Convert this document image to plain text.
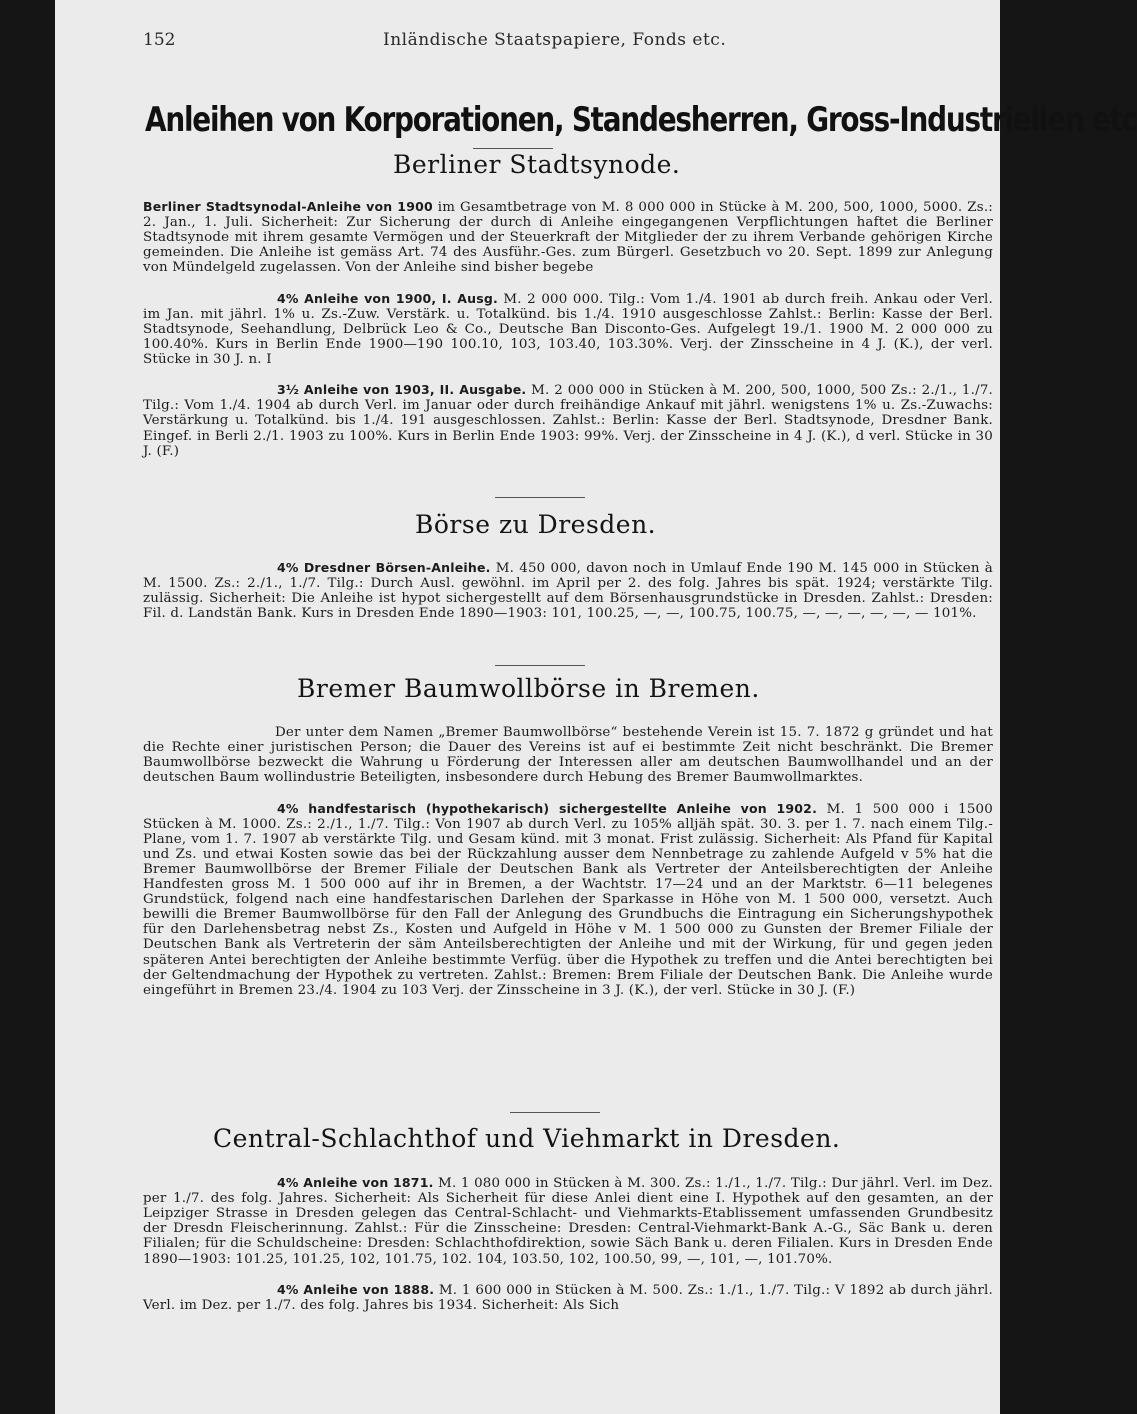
152	Inländische Staatspapiere, Fonds etc.
Anleihen von Korporationen, Standesherren, Gross-Industriellen etc
Berliner Stadtsynode.

Berliner Stadtsynodal-Anleihe von 1900 im Gesamtbetrage von M. 8 000 000 in Stücke à M. 200, 500, 1000, 5000. Zs.: 2. Jan., 1. Juli. Sicherheit: Zur Sicherung der durch di Anleihe eingegangenen Verpflichtungen haftet die Berliner Stadtsynode mit ihrem gesamte Vermögen und der Steuerkraft der Mitglieder der zu ihrem Verbande gehörigen Kirche gemeinden. Die Anleihe ist gemäss Art. 74 des Ausführ.-Ges. zum Bürgerl. Gesetzbuch vo 20. Sept. 1899 zur Anlegung von Mündelgeld zugelassen. Von der Anleihe sind bisher begebe

4% Anleihe von 1900, I. Ausg. M. 2 000 000. Tilg.: Vom 1./4. 1901 ab durch freih. Ankau oder Verl. im Jan. mit jährl. 1% u. Zs.-Zuw. Verstärk. u. Totalkünd. bis 1./4. 1910 ausgeschlosse Zahlst.: Berlin: Kasse der Berl. Stadtsynode, Seehandlung, Delbrück Leo & Co., Deutsche Ban Disconto-Ges. Aufgelegt 19./1. 1900 M. 2 000 000 zu 100.40%. Kurs in Berlin Ende 1900—190 100.10, 103, 103.40, 103.30%. Verj. der Zinsscheine in 4 J. (K.), der verl. Stücke in 30 J. n. I

3½ Anleihe von 1903, II. Ausgabe. M. 2 000 000 in Stücken à M. 200, 500, 1000, 500 Zs.: 2./1., 1./7. Tilg.: Vom 1./4. 1904 ab durch Verl. im Januar oder durch freihändige Ankauf mit jährl. wenigstens 1% u. Zs.-Zuwachs: Verstärkung u. Totalkünd. bis 1./4. 191 ausgeschlossen. Zahlst.: Berlin: Kasse der Berl. Stadtsynode, Dresdner Bank. Eingef. in Berli 2./1. 1903 zu 100%. Kurs in Berlin Ende 1903: 99%. Verj. der Zinsscheine in 4 J. (K.), d verl. Stücke in 30 J. (F.)

Börse zu Dresden.

4% Dresdner Börsen-Anleihe. M. 450 000, davon noch in Umlauf Ende 190 M. 145 000 in Stücken à M. 1500. Zs.: 2./1., 1./7. Tilg.: Durch Ausl. gewöhnl. im April per 2. des folg. Jahres bis spät. 1924; verstärkte Tilg. zulässig. Sicherheit: Die Anleihe ist hypot sichergestellt auf dem Börsenhausgrundstücke in Dresden. Zahlst.: Dresden: Fil. d. Landstän Bank. Kurs in Dresden Ende 1890—1903: 101, 100.25, —, —, 100.75, 100.75, —, —, —, —, —, — 101%.

Bremer Baumwollbörse in Bremen.

Der unter dem Namen „Bremer Baumwollbörse“ bestehende Verein ist 15. 7. 1872 g gründet und hat die Rechte einer juristischen Person; die Dauer des Vereins ist auf ei bestimmte Zeit nicht beschränkt. Die Bremer Baumwollbörse bezweckt die Wahrung u Förderung der Interessen aller am deutschen Baumwollhandel und an der deutschen Baum wollindustrie Beteiligten, insbesondere durch Hebung des Bremer Baumwollmarktes.

4% handfestarisch (hypothekarisch) sichergestellte Anleihe von 1902. M. 1 500 000 i 1500 Stücken à M. 1000. Zs.: 2./1., 1./7. Tilg.: Von 1907 ab durch Verl. zu 105% alljäh spät. 30. 3. per 1. 7. nach einem Tilg.-Plane, vom 1. 7. 1907 ab verstärkte Tilg. und Gesam künd. mit 3 monat. Frist zulässig. Sicherheit: Als Pfand für Kapital und Zs. und etwai Kosten sowie das bei der Rückzahlung ausser dem Nennbetrage zu zahlende Aufgeld v 5% hat die Bremer Baumwollbörse der Bremer Filiale der Deutschen Bank als Vertreter der Anteilsberechtigten der Anleihe Handfesten gross M. 1 500 000 auf ihr in Bremen, a der Wachtstr. 17—24 und an der Marktstr. 6—11 belegenes Grundstück, folgend nach eine handfestarischen Darlehen der Sparkasse in Höhe von M. 1 500 000, versetzt. Auch bewilli die Bremer Baumwollbörse für den Fall der Anlegung des Grundbuchs die Eintragung ein Sicherungshypothek für den Darlehensbetrag nebst Zs., Kosten und Aufgeld in Höhe v M. 1 500 000 zu Gunsten der Bremer Filiale der Deutschen Bank als Vertreterin der säm Anteilsberechtigten der Anleihe und mit der Wirkung, für und gegen jeden späteren Antei berechtigten der Anleihe bestimmte Verfüg. über die Hypothek zu treffen und die Antei berechtigten bei der Geltendmachung der Hypothek zu vertreten. Zahlst.: Bremen: Brem Filiale der Deutschen Bank. Die Anleihe wurde eingeführt in Bremen 23./4. 1904 zu 103 Verj. der Zinsscheine in 3 J. (K.), der verl. Stücke in 30 J. (F.)

Central-Schlachthof und Viehmarkt in Dresden.

4% Anleihe von 1871. M. 1 080 000 in Stücken à M. 300. Zs.: 1./1., 1./7. Tilg.: Dur jährl. Verl. im Dez. per 1./7. des folg. Jahres. Sicherheit: Als Sicherheit für diese Anlei dient eine I. Hypothek auf den gesamten, an der Leipziger Strasse in Dresden gelegen das Central-Schlacht- und Viehmarkts-Etablissement umfassenden Grundbesitz der Dresdn Fleischerinnung. Zahlst.: Für die Zinsscheine: Dresden: Central-Viehmarkt-Bank A.-G., Säc Bank u. deren Filialen; für die Schuldscheine: Dresden: Schlachthofdirektion, sowie Säch Bank u. deren Filialen. Kurs in Dresden Ende 1890—1903: 101.25, 101.25, 102, 101.75, 102. 104, 103.50, 102, 100.50, 99, —, 101, —, 101.70%.

4% Anleihe von 1888. M. 1 600 000 in Stücken à M. 500. Zs.: 1./1., 1./7. Tilg.: V 1892 ab durch jährl. Verl. im Dez. per 1./7. des folg. Jahres bis 1934. Sicherheit: Als Sich
